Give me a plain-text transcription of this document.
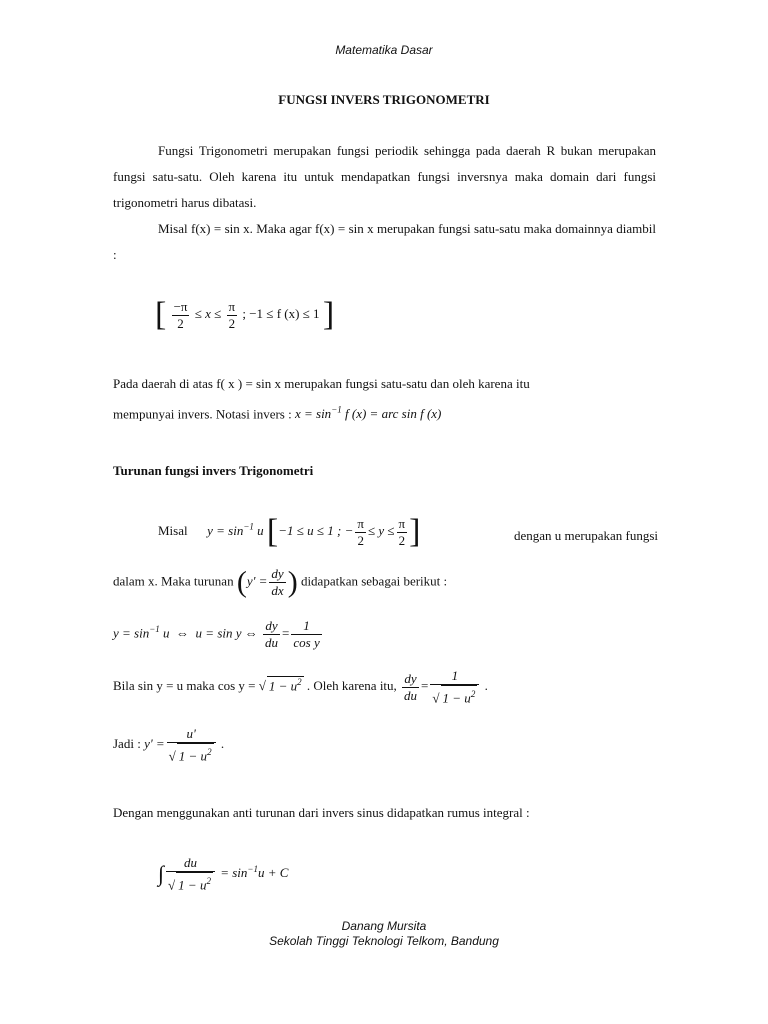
Matematika Dasar
FUNGSI INVERS TRIGONOMETRI

Fungsi Trigonometri merupakan fungsi periodik sehingga pada daerah R bukan merupakan fungsi satu-satu. Oleh karena itu untuk mendapatkan fungsi inversnya maka domain dari fungsi trigonometri harus dibatasi.

Misal f(x) = sin x. Maka agar f(x) = sin x merupakan fungsi satu-satu maka domainnya diambil :

[ $\frac{-\pi}{2} \le x \le \frac{\pi}{2}$ ; −1 ≤ f (x) ≤ 1 ]

Pada daerah di atas f( x ) = sin x merupakan fungsi satu-satu dan oleh karena itu

mempunyai invers. Notasi invers : $x = \sin^{-1} f$ (x) = arc sin f (x)

Turunan fungsi invers Trigonometri
Misal $y = \sin^{-1} u$ [−1 ≤ u ≤ 1 ; − $\frac{\pi}{2} \le y \le \frac{\pi}{2}$ ]	dengan u merupakan fungsi
dalam x. Maka turunan ($y' = \frac{dy}{dx}$ ) didapatkan sebagai berikut :
$y = \sin^{-1} u$ ⇔ u = sin y ⇔ $\frac{dy}{du} = \frac{1}{\text{cos y}}$
Bila sin y = u maka cos y = √ $1 - u^2$ . Oleh karena itu, $\frac{dy}{du} = \frac{1}{√ 1 - u^2}$ .
Jadi : $y' = \frac{u'}{√ 1 - u^2}$ .
Dengan menggunakan anti turunan dari invers sinus didapatkan rumus integral :
∫ $\frac{du}{√ 1 - u^2} = \sin^{-1}u + C$
Danang Mursita
Sekolah Tinggi Teknologi Telkom, Bandung
